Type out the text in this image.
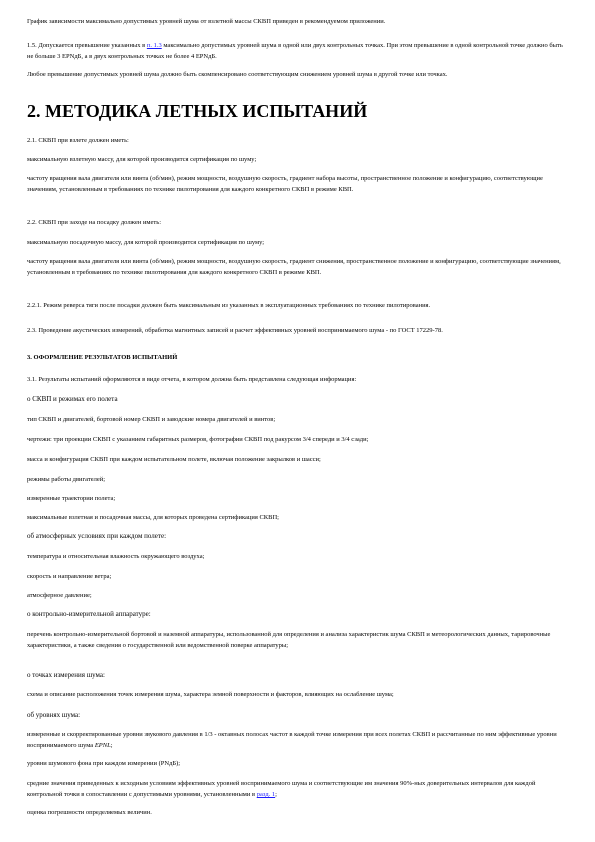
График зависимости максимально допустимых уровней шума от взлетной массы СКВП приведен в рекомендуемом приложении.

1.5. Допускается превышение указанных в п. 1.3 максимально допустимых уровней шума в одной или двух контрольных точках. При этом превышение в одной контрольной точке должно быть не больше 3 EPNдБ, а в двух контрольных точках не более 4 EPNдБ.

Любое превышение допустимых уровней шума должно быть скомпенсировано соответствующим снижением уровней шума в другой точке или точках.

2. МЕТОДИКА ЛЕТНЫХ ИСПЫТАНИЙ

2.1. СКВП при взлете должен иметь:

максимальную взлетную массу, для которой производится сертификация по шуму;

частоту вращения вала двигателя или винта (об/мин), режим мощности, воздушную скорость, градиент набора высоты, пространственное положение и конфигурацию, соответствующие значениям, установленным в требованиях по технике пилотирования для каждого конкретного СКВП в режиме КВП.

2.2. СКВП при заходе на посадку должен иметь:

максимальную посадочную массу, для которой производится сертификация по шуму;

частоту вращения вала двигателя или винта (об/мин), режим мощности, воздушную скорость, градиент снижения, пространственное положение и конфигурацию, соответствующие значениям, установленным в требованиях по технике пилотирования для каждого конкретного СКВП в режиме КВП.

2.2.1. Режим реверса тяги после посадки должен быть максимальным из указанных в эксплуатационных требованиях по технике пилотирования.

2.3. Проведение акустических измерений, обработка магнитных записей и расчет эффективных уровней воспринимаемого шума - по ГОСТ 17229-78.

3. ОФОРМЛЕНИЕ РЕЗУЛЬТАТОВ ИСПЫТАНИЙ

3.1. Результаты испытаний оформляются в виде отчета, в котором должна быть представлена следующая информация:

о СКВП и режимах его полета

тип СКВП и двигателей, бортовой номер СКВП и заводские номера двигателей и винтов;

чертежи: три проекции СКВП с указанием габаритных размеров, фотографии СКВП под ракурсом 3/4 спереди и 3/4 сзади;

масса и конфигурация СКВП при каждом испытательном полете, включая положение закрылков и шасси;

режимы работы двигателей;

измеренные траектории полета;

максимальные взлетная и посадочная массы, для которых проведена сертификация СКВП;

об атмосферных условиях при каждом полете:

температура и относительная влажность окружающего воздуха;

скорость и направление ветра;

атмосферное давление;

о контрольно-измерительной аппаратуре:

перечень контрольно-измерительной бортовой и наземной аппаратуры, использованной для определения и анализа характеристик шума СКВП и метеорологических данных, тарировочные характеристики, а также сведения о государственной или ведомственной поверке аппаратуры;

о точках измерения шума:

схема и описание расположения точек измерения шума, характера земной поверхности и факторов, влияющих на ослабление шума;

об уровнях шума:

измеренные и скорректированные уровни звукового давления в 1/3 - октавных полосах частот в каждой точке измерения при всех полетах СКВП и рассчитанные по ним эффективные уровни воспринимаемого шума EPNL;

уровни шумового фона при каждом измерении (PNдБ);

средние значения приведенных к исходным условиям эффективных уровней воспринимаемого шума и соответствующие им значения 90%-ных доверительных интервалов для каждой контрольной точки в сопоставлении с допустимыми уровнями, установленными в разд. 1;

оценка погрешности определяемых величин.
